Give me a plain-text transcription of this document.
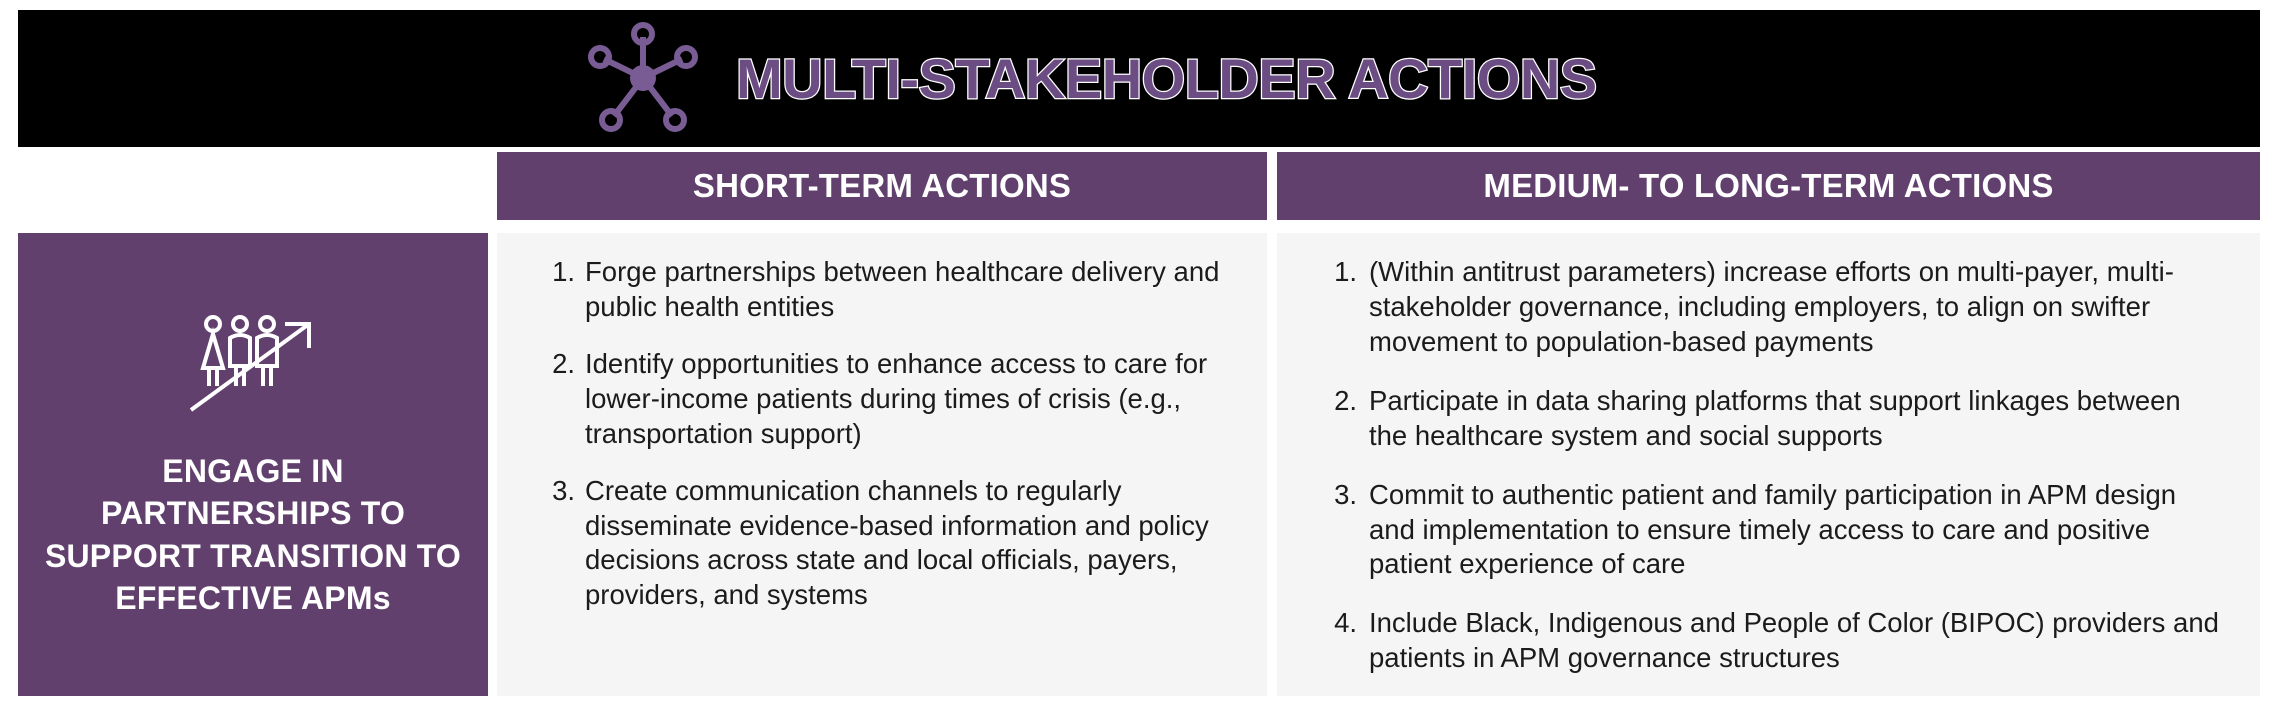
MULTI-STAKEHOLDER ACTIONS
SHORT-TERM ACTIONS	MEDIUM- TO LONG-TERM ACTIONS
ENGAGE IN PARTNERSHIPS TO SUPPORT TRANSITION TO EFFECTIVE APMs
Forge partnerships between healthcare delivery and public health entities
Identify opportunities to enhance access to care for lower-income patients during times of crisis (e.g., transportation support)
Create communication channels to regularly disseminate evidence-based information and policy decisions across state and local officials, payers, providers, and systems
(Within antitrust parameters) increase efforts on multi-payer, multi-stakeholder governance, including employers, to align on swifter movement to population-based payments
Participate in data sharing platforms that support linkages between the healthcare system and social supports
Commit to authentic patient and family participation in APM design and implementation to ensure timely access to care and positive patient experience of care
Include Black, Indigenous and People of Color (BIPOC) providers and patients in APM governance structures
